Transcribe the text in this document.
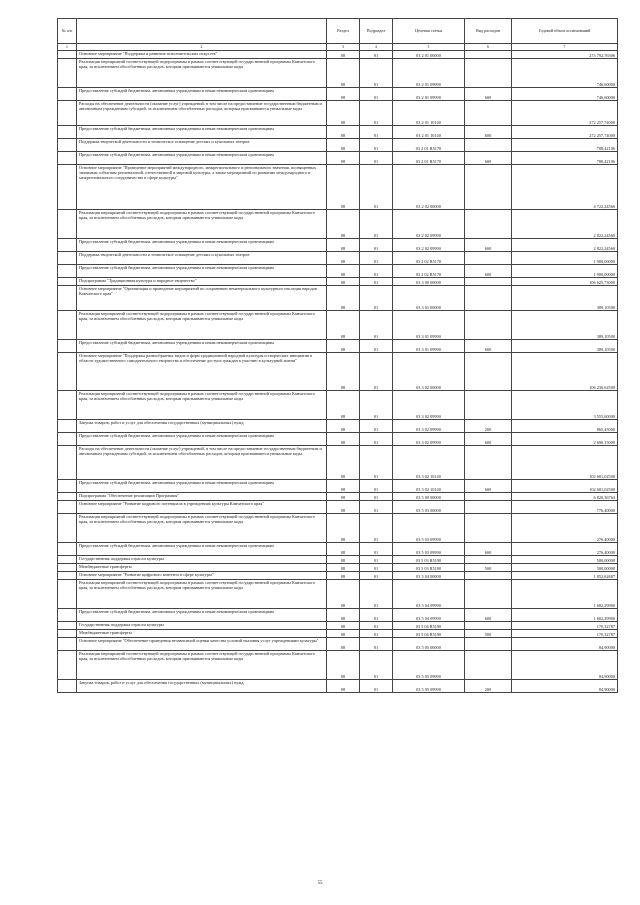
№ п/п		Раздел	Подраздел	Целевая статья	Вид расходов	Годовой объем ассигнований
1	2	3	4	5	6	7
	Основное мероприятие "Поддержка и развитие исполнительских искусств"	08	01	03 2 01 00000		273 792,76306
	Реализация мероприятий соответствующей подпрограммы в рамках соответствующей государственной программы Камчатского края, за исключением обособленных расходов, которым присваиваются уникальные коды	08	01	03 2 01 09990		746,60000
	Предоставление субсидий бюджетным, автономным учреждениям и иным некоммерческим организациям	08	01	03 2 01 09990	600	746,60000
	Расходы на обеспечение деятельности (оказание услуг) учреждений, в том числе на предоставление государственным бюджетным и автономным учреждениям субсидий, за исключением обособленных расходов, которым присваиваются уникальные коды	08	01	03 2 01 10140		272 257,74000
	Предоставление субсидий бюджетным, автономным учреждениям и иным некоммерческим организациям	08	01	03 2 01 10140	600	272 257,74000
	Поддержка творческой деятельности и техническое оснащение детских и кукольных театров	08	01	03 2 01 R5170		788,42106
	Предоставление субсидий бюджетным, автономным учреждениям и иным некоммерческим организациям	08	01	03 2 01 R5170	600	788,42106
	Основное мероприятие "Проведение мероприятий международного, межрегионального и регионального значения, посвященных значимым событиям региональной, отечественной и мировой культуры, а также мероприятий по развитию международного и межрегионального сотрудничества в сфере культуры"	08	01	03 2 02 00000		4 722,24560
	Реализация мероприятий соответствующей подпрограммы в рамках соответствующей государственной программы Камчатского края, за исключением обособленных расходов, которым присваиваются уникальные коды	08	01	03 2 02 09990		2 822,24560
	Предоставление субсидий бюджетным, автономным учреждениям и иным некоммерческим организациям	08	01	03 2 02 09990	600	2 822,24560
	Поддержка творческой деятельности и техническое оснащение детских и кукольных театров	08	01	03 2 02 R5170		1 900,00000
	Предоставление субсидий бюджетным, автономным учреждениям и иным некоммерческим организациям	08	01	03 2 02 R5170	600	1 900,00000
	Подпрограмма "Традиционная культура и народное творчество"	08	01	03 3 00 00000		106 625,73000
	Основное мероприятие "Организация и проведение мероприятий по сохранению нематериального культурного наследия народов Камчатского края"	08	01	03 3 01 00000		389,10500
	Реализация мероприятий соответствующей подпрограммы в рамках соответствующей государственной программы Камчатского края, за исключением обособленных расходов, которым присваиваются уникальные коды	08	01	03 3 01 09990		389,10500
	Предоставление субсидий бюджетным, автономным учреждениям и иным некоммерческим организациям	08	01	03 3 01 09990	600	389,10500
	Основное мероприятие "Поддержка разнообразных видов и форм традиционной народной культуры и творческих инициатив в области художественного самодеятельного творчества и обеспечение доступа граждан к участию в культурной жизни"	08	01	03 3 02 00000		106 236,62500
	Реализация мероприятий соответствующей подпрограммы в рамках соответствующей государственной программы Камчатского края, за исключением обособленных расходов, которым присваиваются уникальные коды	08	01	03 3 02 09990		3 555,60000
	Закупка товаров, работ и услуг для обеспечения государственных (муниципальных) нужд	08	01	03 3 02 09990	200	865,45000
	Предоставление субсидий бюджетным, автономным учреждениям и иным некоммерческим организациям	08	01	03 3 02 09990	600	2 690,15000
	Расходы на обеспечение деятельности (оказание услуг) учреждений, в том числе на предоставление государственным бюджетным и автономным учреждениям субсидий, за исключением обособленных расходов, которым присваиваются уникальные коды	08	01	03 3 02 10140		102 681,02500
	Предоставление субсидий бюджетным, автономным учреждениям и иным некоммерческим организациям	08	01	03 3 02 10140	600	102 681,02500
	Подпрограмма "Обеспечение реализации Программы"	08	01	03 5 00 00000		6 820,36764
	Основное мероприятие "Развитие кадрового потенциала в учреждениях культуры Камчатского края"	08	01	03 5 03 00000		776,40000
	Реализация мероприятий соответствующей подпрограммы в рамках соответствующей государственной программы Камчатского края, за исключением обособленных расходов, которым присваиваются уникальные коды	08	01	03 5 03 09990		276,40000
	Предоставление субсидий бюджетным, автономным учреждениям и иным некоммерческим организациям	08	01	03 5 03 09990	600	276,40000
	Государственная поддержка отрасли культуры	08	01	03 5 03 R5190		500,00000
	Межбюджетные трансферты	08	01	03 5 03 R5190	500	500,00000
	Основное мероприятие "Развитие цифрового контента в сфере культуры"	08	01	03 5 04 00000		1 852,62687
	Реализация мероприятий соответствующей подпрограммы в рамках соответствующей государственной программы Камчатского края, за исключением обособленных расходов, которым присваиваются уникальные коды	08	01	03 5 04 09990		1 682,29900
	Предоставление субсидий бюджетным, автономным учреждениям и иным некоммерческим организациям	08	01	03 5 04 09990	600	1 682,29900
	Государственная поддержка отрасли культуры	08	01	03 5 04 R5190		170,32787
	Межбюджетные трансферты	08	01	03 5 04 R5190	500	170,32787
	Основное мероприятие "Обеспечение проведения независимой оценки качества условий оказания услуг учреждениями культуры"	08	01	03 5 05 00000		84,90000
	Реализация мероприятий соответствующей подпрограммы в рамках соответствующей государственной программы Камчатского края, за исключением обособленных расходов, которым присваиваются уникальные коды	08	01	03 5 05 09990		84,90000
	Закупка товаров, работ и услуг для обеспечения государственных (муниципальных) нужд	08	01	03 5 05 09990	200	84,90000
55
